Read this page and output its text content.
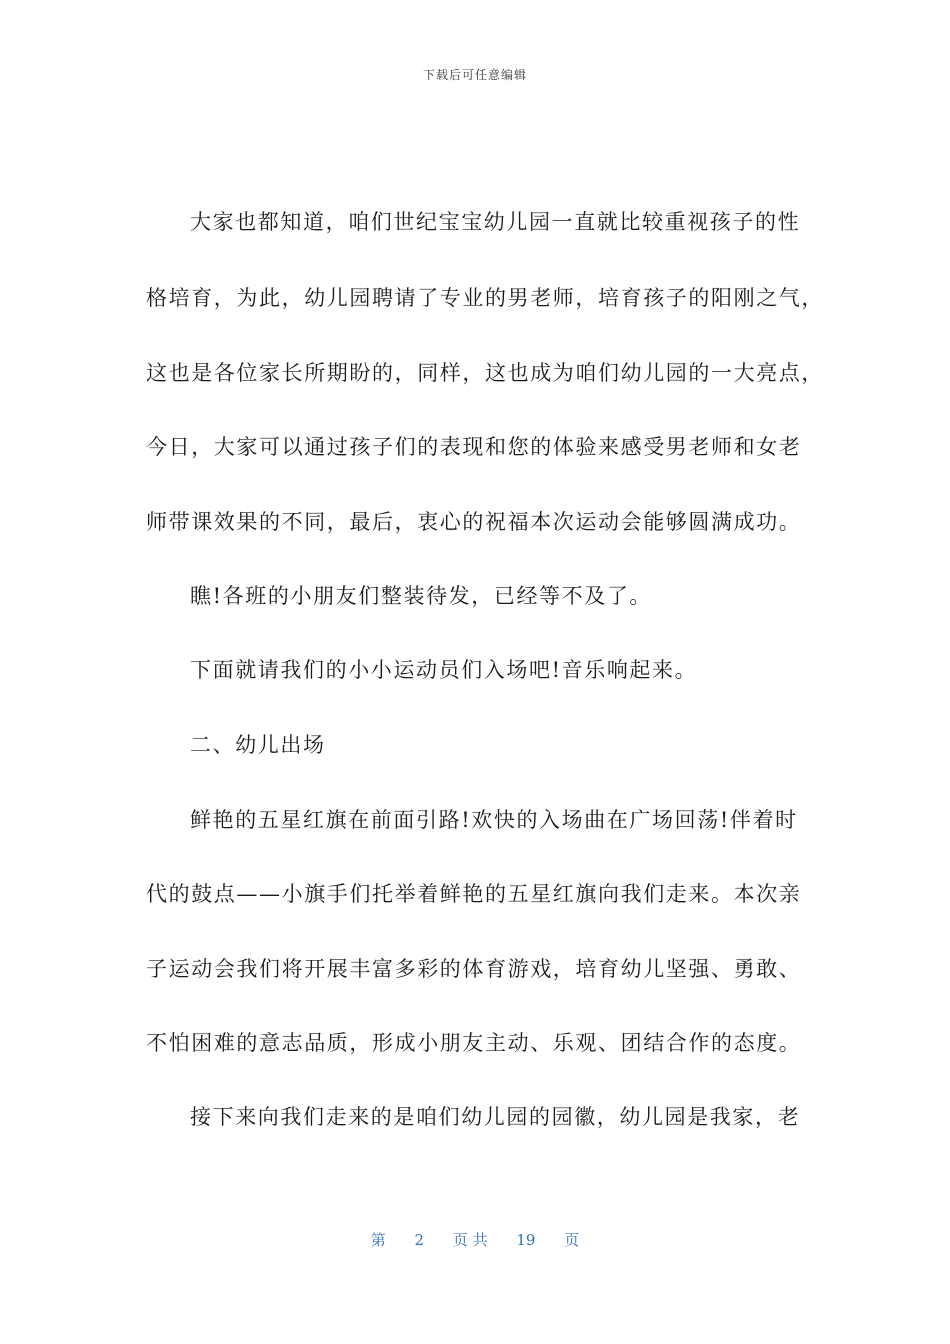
下载后可任意编辑
大家也都知道，咱们世纪宝宝幼儿园一直就比较重视孩子的性
格培育，为此，幼儿园聘请了专业的男老师，培育孩子的阳刚之气，
这也是各位家长所期盼的，同样，这也成为咱们幼儿园的一大亮点，
今日，大家可以通过孩子们的表现和您的体验来感受男老师和女老
师带课效果的不同，最后，衷心的祝福本次运动会能够圆满成功。
瞧!各班的小朋友们整装待发，已经等不及了。
下面就请我们的小小运动员们入场吧!音乐响起来。
二、幼儿出场
鲜艳的五星红旗在前面引路!欢快的入场曲在广场回荡!伴着时
代的鼓点——小旗手们托举着鲜艳的五星红旗向我们走来。本次亲
子运动会我们将开展丰富多彩的体育游戏，培育幼儿坚强、勇敢、
不怕困难的意志品质，形成小朋友主动、乐观、团结合作的态度。
接下来向我们走来的是咱们幼儿园的园徽，幼儿园是我家，老
第 2 页 共 19 页
